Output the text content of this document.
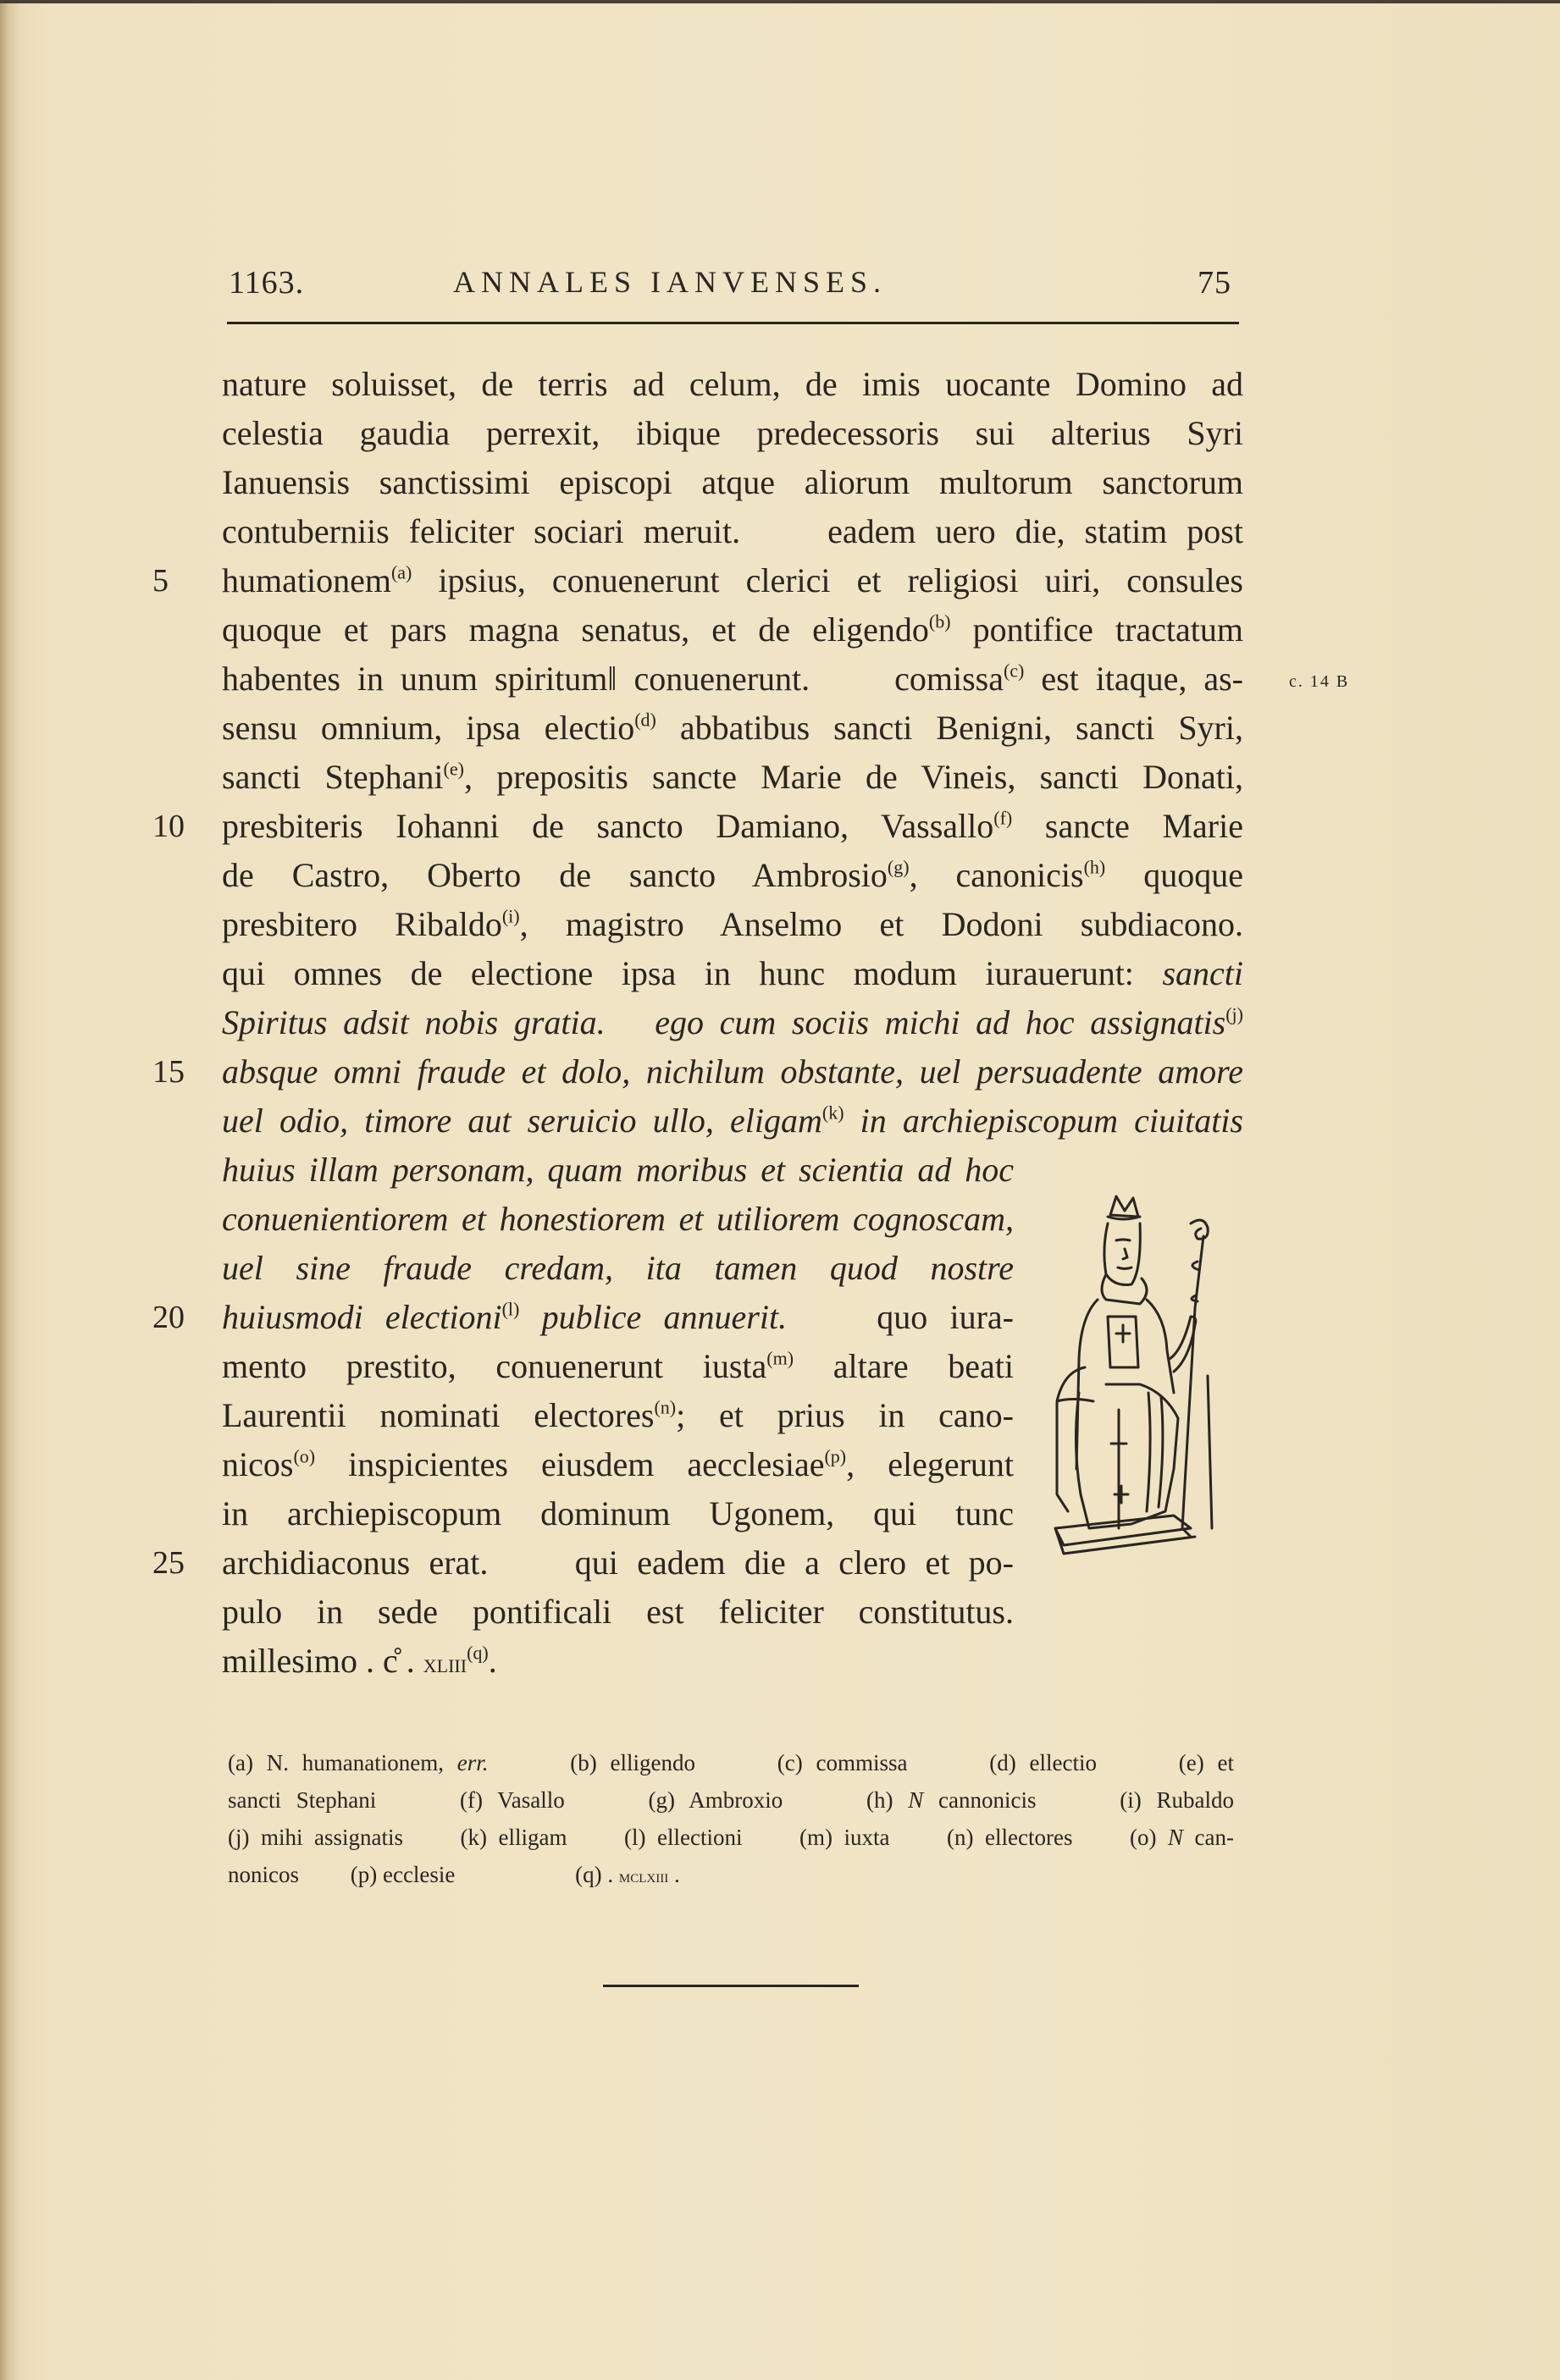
1163.	ANNALES IANVENSES.	75
nature soluisset, de terris ad celum, de imis uocante Domino ad
celestia gaudia perrexit, ibique predecessoris sui alterius Syri
Ianuensis sanctissimi episcopi atque aliorum multorum sanctorum
contuberniis feliciter sociari meruit.   eadem uero die, statim post
humationem$^{(a)}$ ipsius, conuenerunt clerici et religiosi uiri, consules
quoque et pars magna senatus, et de eligendo$^{(b)}$ pontifice tractatum
habentes in unum spiritum‖ conuenerunt.   comissa$^{(c)}$ est itaque, as-
sensu omnium, ipsa electio$^{(d)}$ abbatibus sancti Benigni, sancti Syri,
sancti Stephani$^{(e)}$, prepositis sancte Marie de Vineis, sancti Donati,
presbiteris Iohanni de sancto Damiano, Vassallo$^{(f)}$ sancte Marie
de Castro, Oberto de sancto Ambrosio$^{(g)}$, canonicis$^{(h)}$ quoque
presbitero Ribaldo$^{(i)}$, magistro Anselmo et Dodoni subdiacono.
qui omnes de electione ipsa in hunc modum iurauerunt: sancti
Spiritus adsit nobis gratia.  ego cum sociis michi ad hoc assignatis$^{(j)}$
absque omni fraude et dolo, nichilum obstante, uel persuadente amore
uel odio, timore aut seruicio ullo, eligam$^{(k)}$ in archiepiscopum ciuitatis
huius illam personam, quam moribus et scientia ad hoc
conuenientiorem et honestiorem et utiliorem cognoscam,
uel sine fraude credam, ita tamen quod nostre
huiusmodi electioni$^{(l)}$ publice annuerit.   quo iura-
mento prestito, conuenerunt iusta$^{(m)}$ altare beati
Laurentii nominati electores$^{(n)}$; et prius in cano-
nicos$^{(o)}$ inspicientes eiusdem aecclesiae$^{(p)}$, elegerunt
in archiepiscopum dominum Ugonem, qui tunc
archidiaconus erat.   qui eadem die a clero et po-
pulo in sede pontificali est feliciter constitutus.
millesimo . c̊ . xliii$^{(q)}$.
5
10
15
20
25
c. 14 B
(a) N. humanationem, err.    (b) elligendo    (c) commissa    (d) ellectio    (e) et
sancti Stephani    (f) Vasallo    (g) Ambroxio    (h) N cannonicis    (i) Rubaldo
(j) mihi assignatis   (k) elligam   (l) ellectioni   (m) iuxta   (n) ellectores   (o) N can-
nonicos   (p) ecclesie      (q) . mclxiii .
